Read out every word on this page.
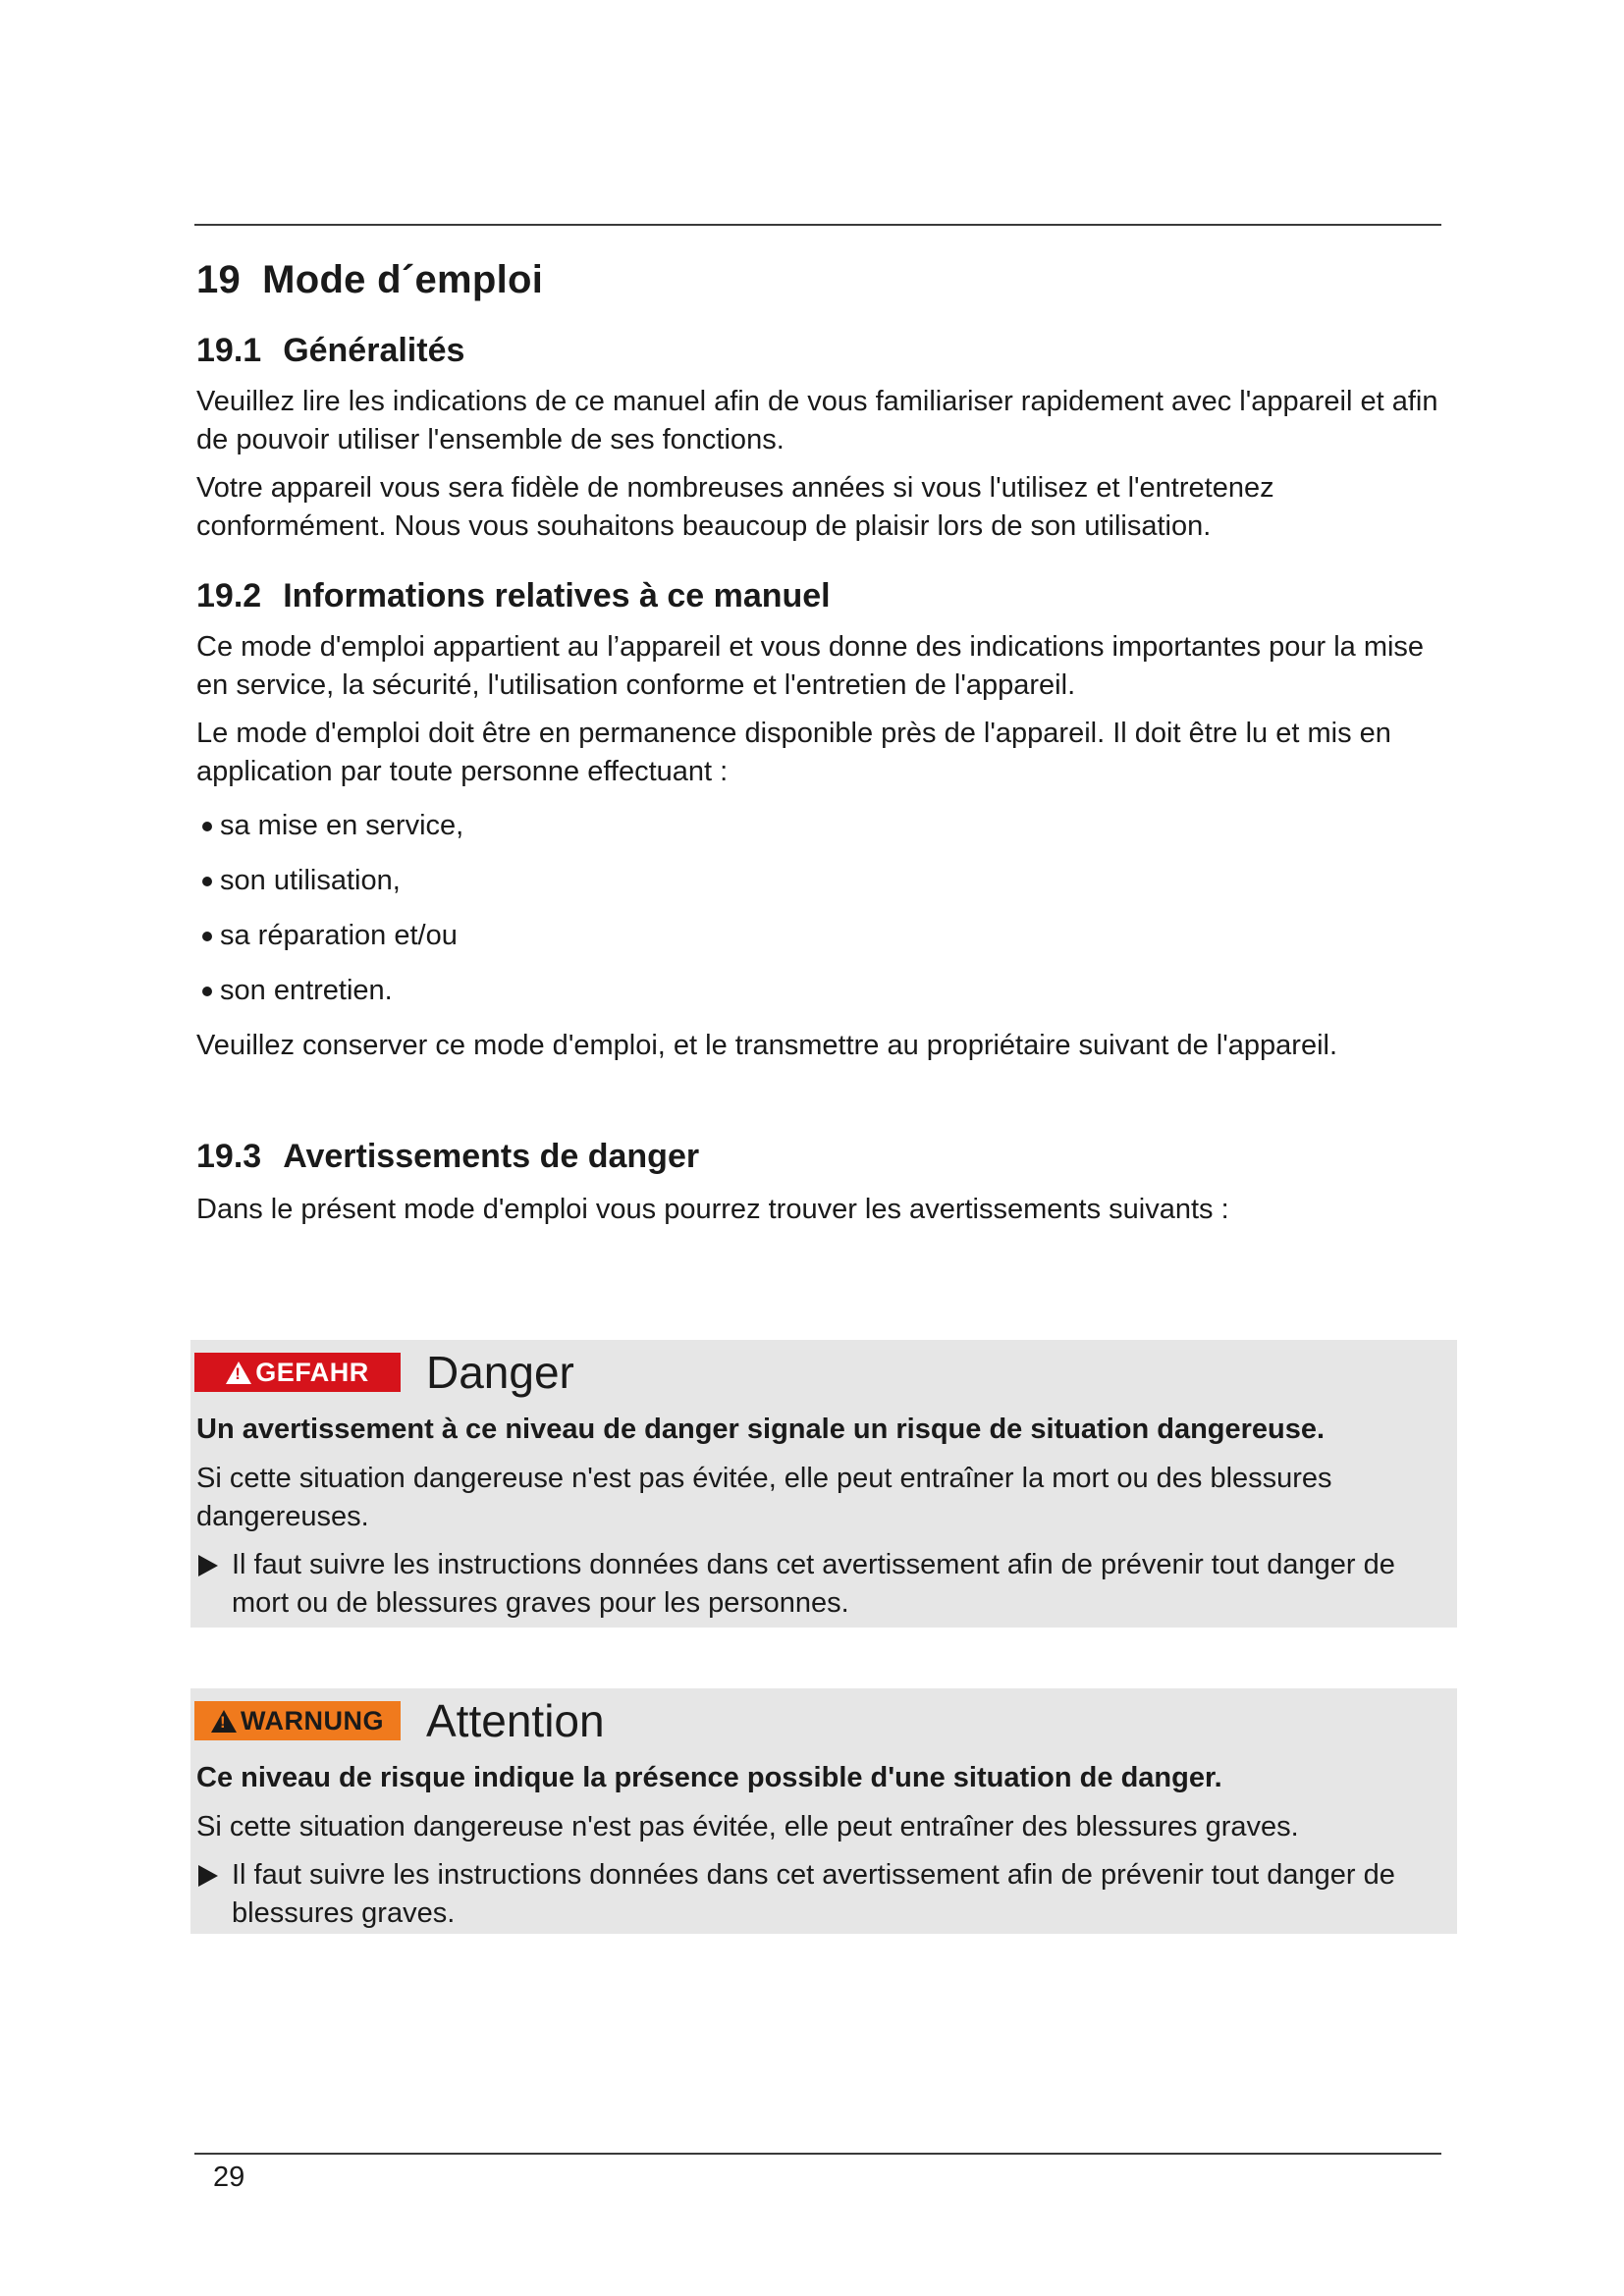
19 Mode d´emploi
19.1 Généralités

Veuillez lire les indications de ce manuel afin de vous familiariser rapidement avec l'appareil et afin de pouvoir utiliser l'ensemble de ses fonctions.

Votre appareil vous sera fidèle de nombreuses années si vous l'utilisez et l'entretenez conformément. Nous vous souhaitons beaucoup de plaisir lors de son utilisation.

19.2 Informations relatives à ce manuel

Ce mode d'emploi appartient au l’appareil et vous donne des indications importantes pour la mise en service, la sécurité, l'utilisation conforme et l'entretien de l'appareil.

Le mode d'emploi doit être en permanence disponible près de l'appareil. Il doit être lu et mis en application par toute personne effectuant :

sa mise en service,
son utilisation,
sa réparation et/ou
son entretien.

Veuillez conserver ce mode d'emploi, et le transmettre au propriétaire suivant de l'appareil.

19.3 Avertissements de danger

Dans le présent mode d'emploi vous pourrez trouver les avertissements suivants :

!
GEFAHR Danger
Un avertissement à ce niveau de danger signale un risque de situation dangereuse.
Si cette situation dangereuse n'est pas évitée, elle peut entraîner la mort ou des blessures dangereuses.
Il faut suivre les instructions données dans cet avertissement afin de prévenir tout danger de mort ou de blessures graves pour les personnes.
!
WARNUNG Attention
Ce niveau de risque indique la présence possible d'une situation de danger.
Si cette situation dangereuse n'est pas évitée, elle peut entraîner des blessures graves.
Il faut suivre les instructions données dans cet avertissement afin de prévenir tout danger de blessures graves.
29
